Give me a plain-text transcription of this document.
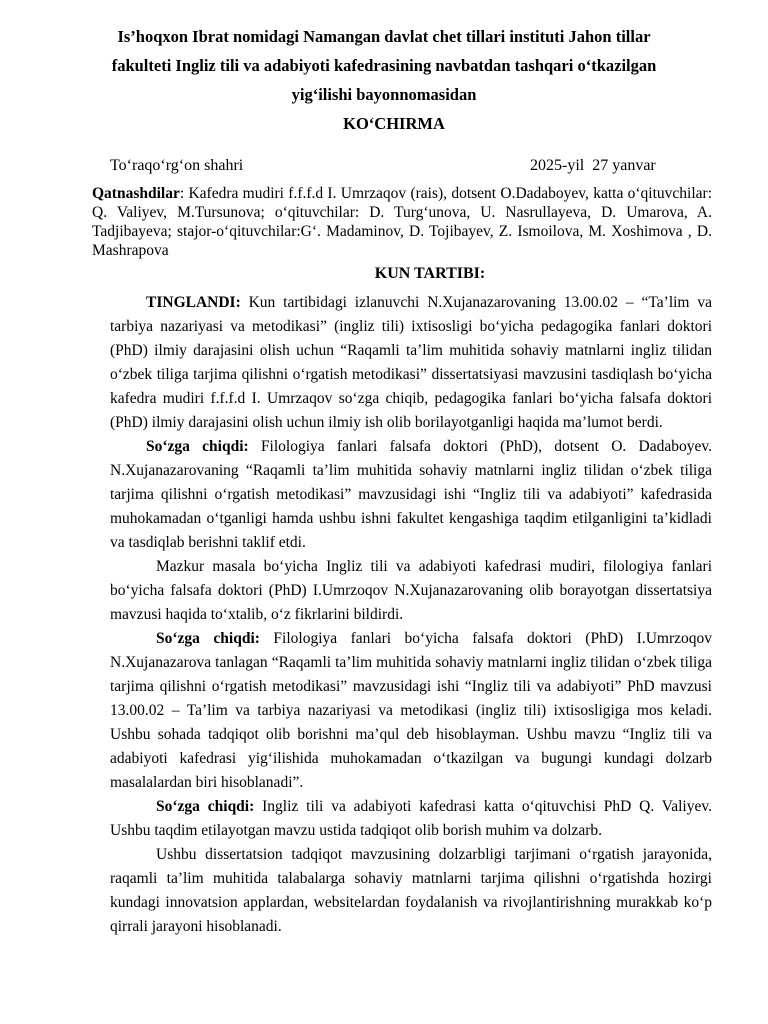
Is’hoqxon Ibrat nomidagi Namangan davlat chet tillari instituti Jahon tillar
fakulteti Ingliz tili va adabiyoti kafedrasining navbatdan tashqari o‘tkazilgan
yig‘ilishi bayonnomasidan
KO‘CHIRMA
To‘raqo‘rg‘on shahri	2025-yil  27 yanvar

Qatnashdilar: Kafedra mudiri f.f.f.d I. Umrzaqov (rais), dotsent O.Dadaboyev, katta o‘qituvchilar: Q. Valiyev, M.Tursunova; o‘qituvchilar: D. Turg‘unova, U. Nasrullayeva, D. Umarova, A. Tadjibayeva; stajor-o‘qituvchilar:G‘. Madaminov, D. Tojibayev, Z. Ismoilova, M. Xoshimova , D. Mashrapova

KUN TARTIBI:

TINGLANDI: Kun tartibidagi izlanuvchi N.Xujanazarovaning 13.00.02 – “Ta’lim va tarbiya nazariyasi va metodikasi” (ingliz tili) ixtisosligi bo‘yicha pedagogika fanlari doktori (PhD) ilmiy darajasini olish uchun “Raqamli ta’lim muhitida sohaviy matnlarni ingliz tilidan o‘zbek tiliga tarjima qilishni o‘rgatish metodikasi” dissertatsiyasi mavzusini tasdiqlash bo‘yicha kafedra mudiri f.f.f.d I. Umrzaqov so‘zga chiqib, pedagogika fanlari bo‘yicha falsafa doktori (PhD) ilmiy darajasini olish uchun ilmiy ish olib borilayotganligi haqida ma’lumot berdi.

So‘zga chiqdi: Filologiya fanlari falsafa doktori (PhD), dotsent O. Dadaboyev. N.Xujanazarovaning “Raqamli ta’lim muhitida sohaviy matnlarni ingliz tilidan o‘zbek tiliga tarjima qilishni o‘rgatish metodikasi” mavzusidagi ishi “Ingliz tili va adabiyoti” kafedrasida muhokamadan o‘tganligi hamda ushbu ishni fakultet kengashiga taqdim etilganligini ta’kidladi va tasdiqlab berishni taklif etdi.

Mazkur masala bo‘yicha Ingliz tili va adabiyoti kafedrasi mudiri, filologiya fanlari bo‘yicha falsafa doktori (PhD) I.Umrzoqov N.Xujanazarovaning olib borayotgan dissertatsiya mavzusi haqida to‘xtalib, o‘z fikrlarini bildirdi.

So‘zga chiqdi: Filologiya fanlari bo‘yicha falsafa doktori (PhD) I.Umrzoqov N.Xujanazarova tanlagan “Raqamli ta’lim muhitida sohaviy matnlarni ingliz tilidan o‘zbek tiliga tarjima qilishni o‘rgatish metodikasi” mavzusidagi ishi “Ingliz tili va adabiyoti” PhD mavzusi 13.00.02 – Ta’lim va tarbiya nazariyasi va metodikasi (ingliz tili) ixtisosligiga mos keladi. Ushbu sohada tadqiqot olib borishni ma’qul deb hisoblayman. Ushbu mavzu “Ingliz tili va adabiyoti kafedrasi yig‘ilishida muhokamadan o‘tkazilgan va bugungi kundagi dolzarb masalalardan biri hisoblanadi”.

So‘zga chiqdi: Ingliz tili va adabiyoti kafedrasi katta o‘qituvchisi PhD Q. Valiyev. Ushbu taqdim etilayotgan mavzu ustida tadqiqot olib borish muhim va dolzarb.

Ushbu dissertatsion tadqiqot mavzusining dolzarbligi tarjimani o‘rgatish jarayonida, raqamli ta’lim muhitida talabalarga sohaviy matnlarni tarjima qilishni o‘rgatishda hozirgi kundagi innovatsion applardan, websitelardan foydalanish va rivojlantirishning murakkab ko‘p qirrali jarayoni hisoblanadi.
